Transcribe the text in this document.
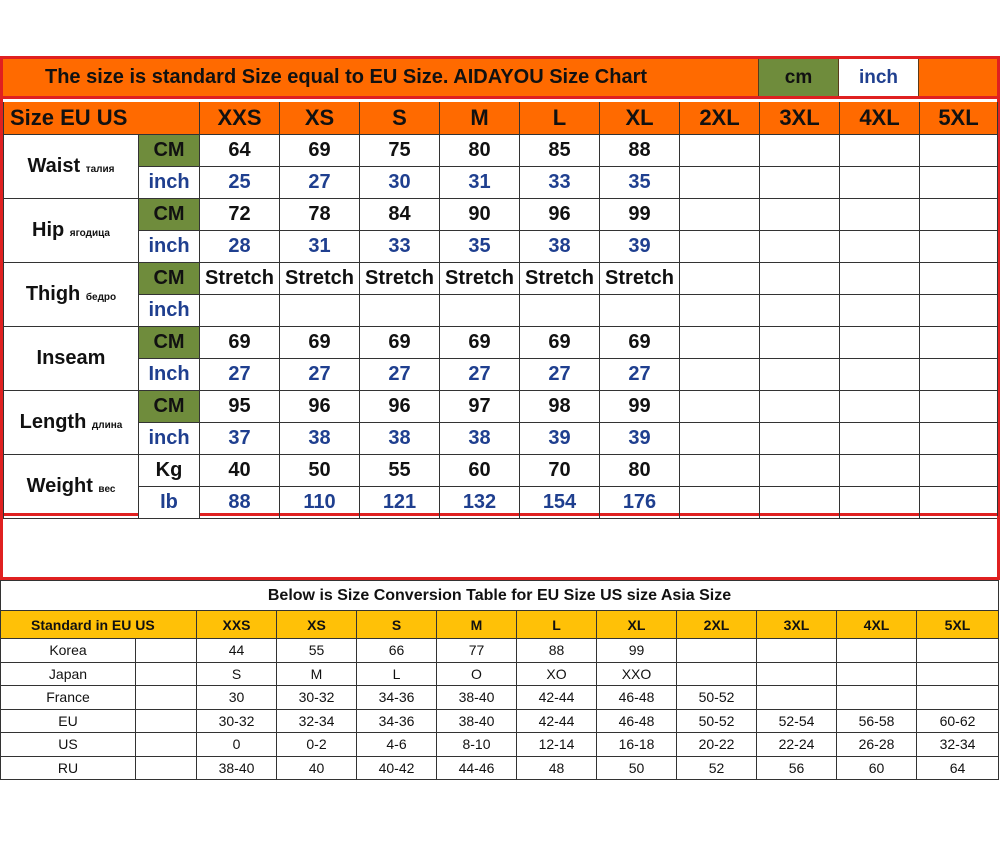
The size is standard Size equal to EU Size. AIDAYOU Size Chart	cm	inch
Size EU US		XXS	XS	S	M	L	XL	2XL	3XL	4XL	5XL
Waist талия	CM	64	69	75	80	85	88				
	inch	25	27	30	31	33	35				
Hip ягодица	CM	72	78	84	90	96	99				
	inch	28	31	33	35	38	39				
Thigh бедро	CM	Stretch	Stretch	Stretch	Stretch	Stretch	Stretch				
	inch										
Inseam	CM	69	69	69	69	69	69				
	Inch	27	27	27	27	27	27				
Length длина	CM	95	96	96	97	98	99				
	inch	37	38	38	38	39	39				
Weight вес	Kg	40	50	55	60	70	80				
	Ib	88	110	121	132	154	176				
Below is Size Conversion Table for EU Size US size Asia Size											
Standard in EU US		XXS	XS	S	M	L	XL	2XL	3XL	4XL	5XL
Korea		44	55	66	77	88	99				
Japan		S	M	L	O	XO	XXO				
France		30	30-32	34-36	38-40	42-44	46-48	50-52			
EU		30-32	32-34	34-36	38-40	42-44	46-48	50-52	52-54	56-58	60-62
US		0	0-2	4-6	8-10	12-14	16-18	20-22	22-24	26-28	32-34
RU		38-40	40	40-42	44-46	48	50	52	56	60	64
